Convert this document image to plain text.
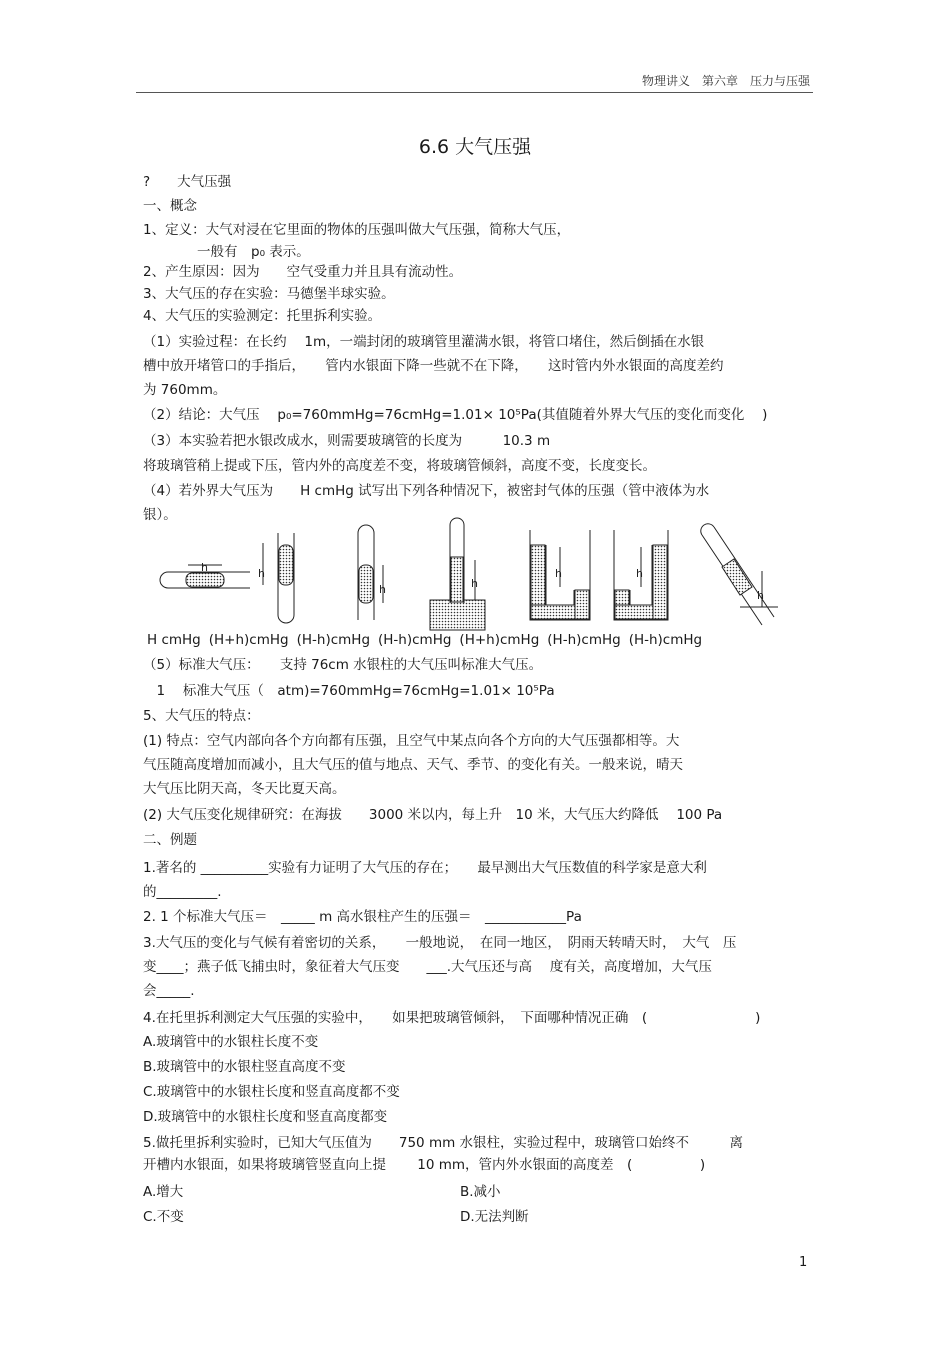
物理讲义　第六章　压力与压强
6.6 大气压强
?　　大气压强
一、概念
1、定义：大气对浸在它里面的物体的压强叫做大气压强，简称大气压，
　　　　一般有　p₀ 表示。
2、产生原因：因为　　空气受重力并且具有流动性。
3、大气压的存在实验：马德堡半球实验。
4、大气压的实验测定：托里拆利实验。
（1）实验过程：在长约　 1m，一端封闭的玻璃管里灌满水银，将管口堵住，然后倒插在水银
槽中放开堵管口的手指后，　　管内水银面下降一些就不在下降，　　这时管内外水银面的高度差约
为 760mm。
（2）结论：大气压　 p₀=760mmHg=76cmHg=1.01× 10⁵Pa(其值随着外界大气压的变化而变化　 )
（3）本实验若把水银改成水，则需要玻璃管的长度为　　　10.3 m
将玻璃管稍上提或下压，管内外的高度差不变，将玻璃管倾斜，高度不变，长度变长。
（4）若外界大气压为　　H cmHg 试写出下列各种情况下，被密封气体的压强（管中液体为水
银）。
（5）标准大气压：　　支持 76cm 水银柱的大气压叫标准大气压。
　1　 标准大气压（　atm)=760mmHg=76cmHg=1.01× 10⁵Pa
5、大气压的特点：
(1) 特点：空气内部向各个方向都有压强，且空气中某点向各个方向的大气压强都相等。大
气压随高度增加而减小，且大气压的值与地点、天气、季节、的变化有关。一般来说，晴天
大气压比阴天高，冬天比夏天高。
(2) 大气压变化规律研究：在海拔　　3000 米以内，每上升　10 米，大气压大约降低　 100 Pa
二、例题
1.著名的 __________实验有力证明了大气压的存在；　　最早测出大气压数值的科学家是意大利
的_________.
2. 1 个标准大气压＝　_____ m 高水银柱产生的压强＝　____________Pa
3.大气压的变化与气候有着密切的关系，　　一般地说，　在同一地区，　阴雨天转晴天时，　大气　压
变____；燕子低飞捕虫时，象征着大气压变　　___.大气压还与高　 度有关，高度增加，大气压
会_____.
4.在托里拆利测定大气压强的实验中，　　如果把玻璃管倾斜，　下面哪种情况正确　(　　　　　　　　)
A.玻璃管中的水银柱长度不变
B.玻璃管中的水银柱竖直高度不变
C.玻璃管中的水银柱长度和竖直高度都不变
D.玻璃管中的水银柱长度和竖直高度都变
5.做托里拆利实验时，已知大气压值为　　750 mm 水银柱，实验过程中，玻璃管口始终不　　　离
开槽内水银面，如果将玻璃管竖直向上提　　 10 mm，管内外水银面的高度差　(　　　　　)
h	h
h	h
h	h
h
H cmHg (H+h)cmHg (H-h)cmHg (H-h)cmHg (H+h)cmHg (H-h)cmHg (H-h)cmHg
A.增大	B.减小
C.不变	D.无法判断
1
